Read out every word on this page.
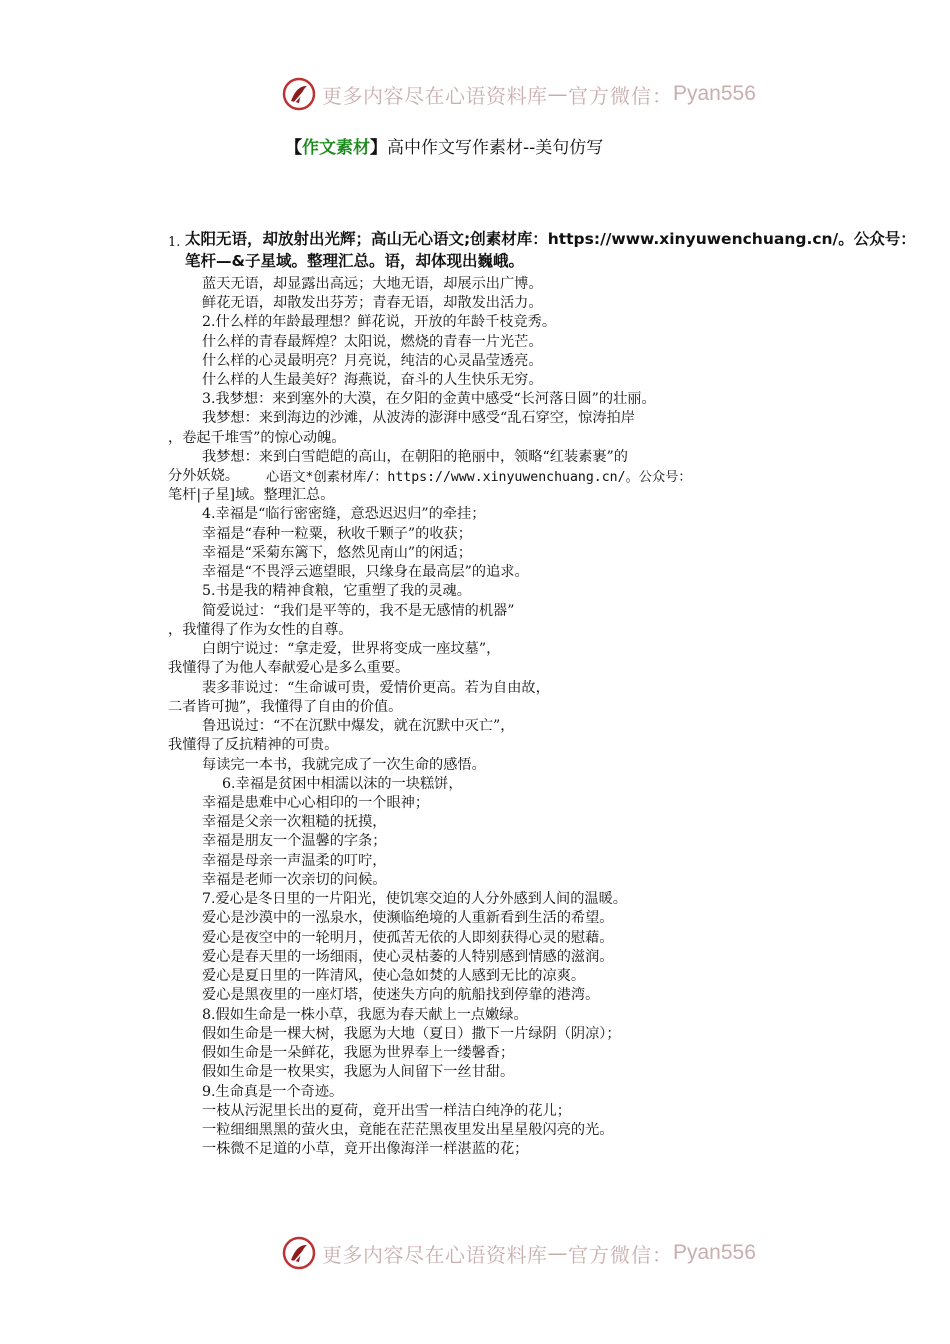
更多内容尽在心语资料库 — 官方微信： Pyan556
【作文素材】高中作文写作素材--美句仿写
1. 太阳无语，却放射出光辉；高山无心语文;创素材库：https://www.xinyuwenchuang.cn/。公众号：
笔杆—&子星域。整理汇总。语，却体现出巍峨。
蓝天无语，却显露出高远；大地无语，却展示出广博。
鲜花无语，却散发出芬芳；青春无语，却散发出活力。
2.什么样的年龄最理想？鲜花说，开放的年龄千枝竞秀。
什么样的青春最辉煌？太阳说，燃烧的青春一片光芒。
什么样的心灵最明亮？月亮说，纯洁的心灵晶莹透亮。
什么样的人生最美好？海燕说，奋斗的人生快乐无穷。
3.我梦想：来到塞外的大漠，在夕阳的金黄中感受“长河落日圆”的壮丽。
我梦想：来到海边的沙滩，从波涛的澎湃中感受“乱石穿空，惊涛拍岸
，卷起千堆雪”的惊心动魄。
我梦想：来到白雪皑皑的高山，在朝阳的艳丽中，领略“红装素裹”的
分外妖娆。 心语文*创素材库/：https://www.xinyuwenchuang.cn/。公众号：
笔杆|子星]域。整理汇总。
4.幸福是“临行密密缝，意恐迟迟归”的牵挂；
幸福是“春种一粒粟，秋收千颗子”的收获；
幸福是“采菊东篱下，悠然见南山”的闲适；
幸福是“不畏浮云遮望眼，只缘身在最高层”的追求。
5.书是我的精神食粮，它重塑了我的灵魂。
简爱说过：“我们是平等的，我不是无感情的机器”
，我懂得了作为女性的自尊。
白朗宁说过：“拿走爱，世界将变成一座坟墓”，
我懂得了为他人奉献爱心是多么重要。
裴多菲说过：“生命诚可贵，爱情价更高。若为自由故，
二者皆可抛”，我懂得了自由的价值。
鲁迅说过：“不在沉默中爆发，就在沉默中灭亡”，
我懂得了反抗精神的可贵。
每读完一本书，我就完成了一次生命的感悟。
6.幸福是贫困中相濡以沫的一块糕饼，
幸福是患难中心心相印的一个眼神；
幸福是父亲一次粗糙的抚摸，
幸福是朋友一个温馨的字条；
幸福是母亲一声温柔的叮咛，
幸福是老师一次亲切的问候。
7.爱心是冬日里的一片阳光，使饥寒交迫的人分外感到人间的温暖。
爱心是沙漠中的一泓泉水，使濒临绝境的人重新看到生活的希望。
爱心是夜空中的一轮明月，使孤苦无依的人即刻获得心灵的慰藉。
爱心是春天里的一场细雨，使心灵枯萎的人特别感到情感的滋润。
爱心是夏日里的一阵清风，使心急如焚的人感到无比的凉爽。
爱心是黑夜里的一座灯塔，使迷失方向的航船找到停靠的港湾。
8.假如生命是一株小草，我愿为春天献上一点嫩绿。
假如生命是一棵大树，我愿为大地（夏日）撒下一片绿阴（阴凉）；
假如生命是一朵鲜花，我愿为世界奉上一缕馨香；
假如生命是一枚果实，我愿为人间留下一丝甘甜。
9.生命真是一个奇迹。
一枝从污泥里长出的夏荷，竟开出雪一样洁白纯净的花儿；
一粒细细黑黑的萤火虫，竟能在茫茫黑夜里发出星星般闪亮的光。
一株微不足道的小草，竟开出像海洋一样湛蓝的花；
更多内容尽在心语资料库 — 官方微信： Pyan556
